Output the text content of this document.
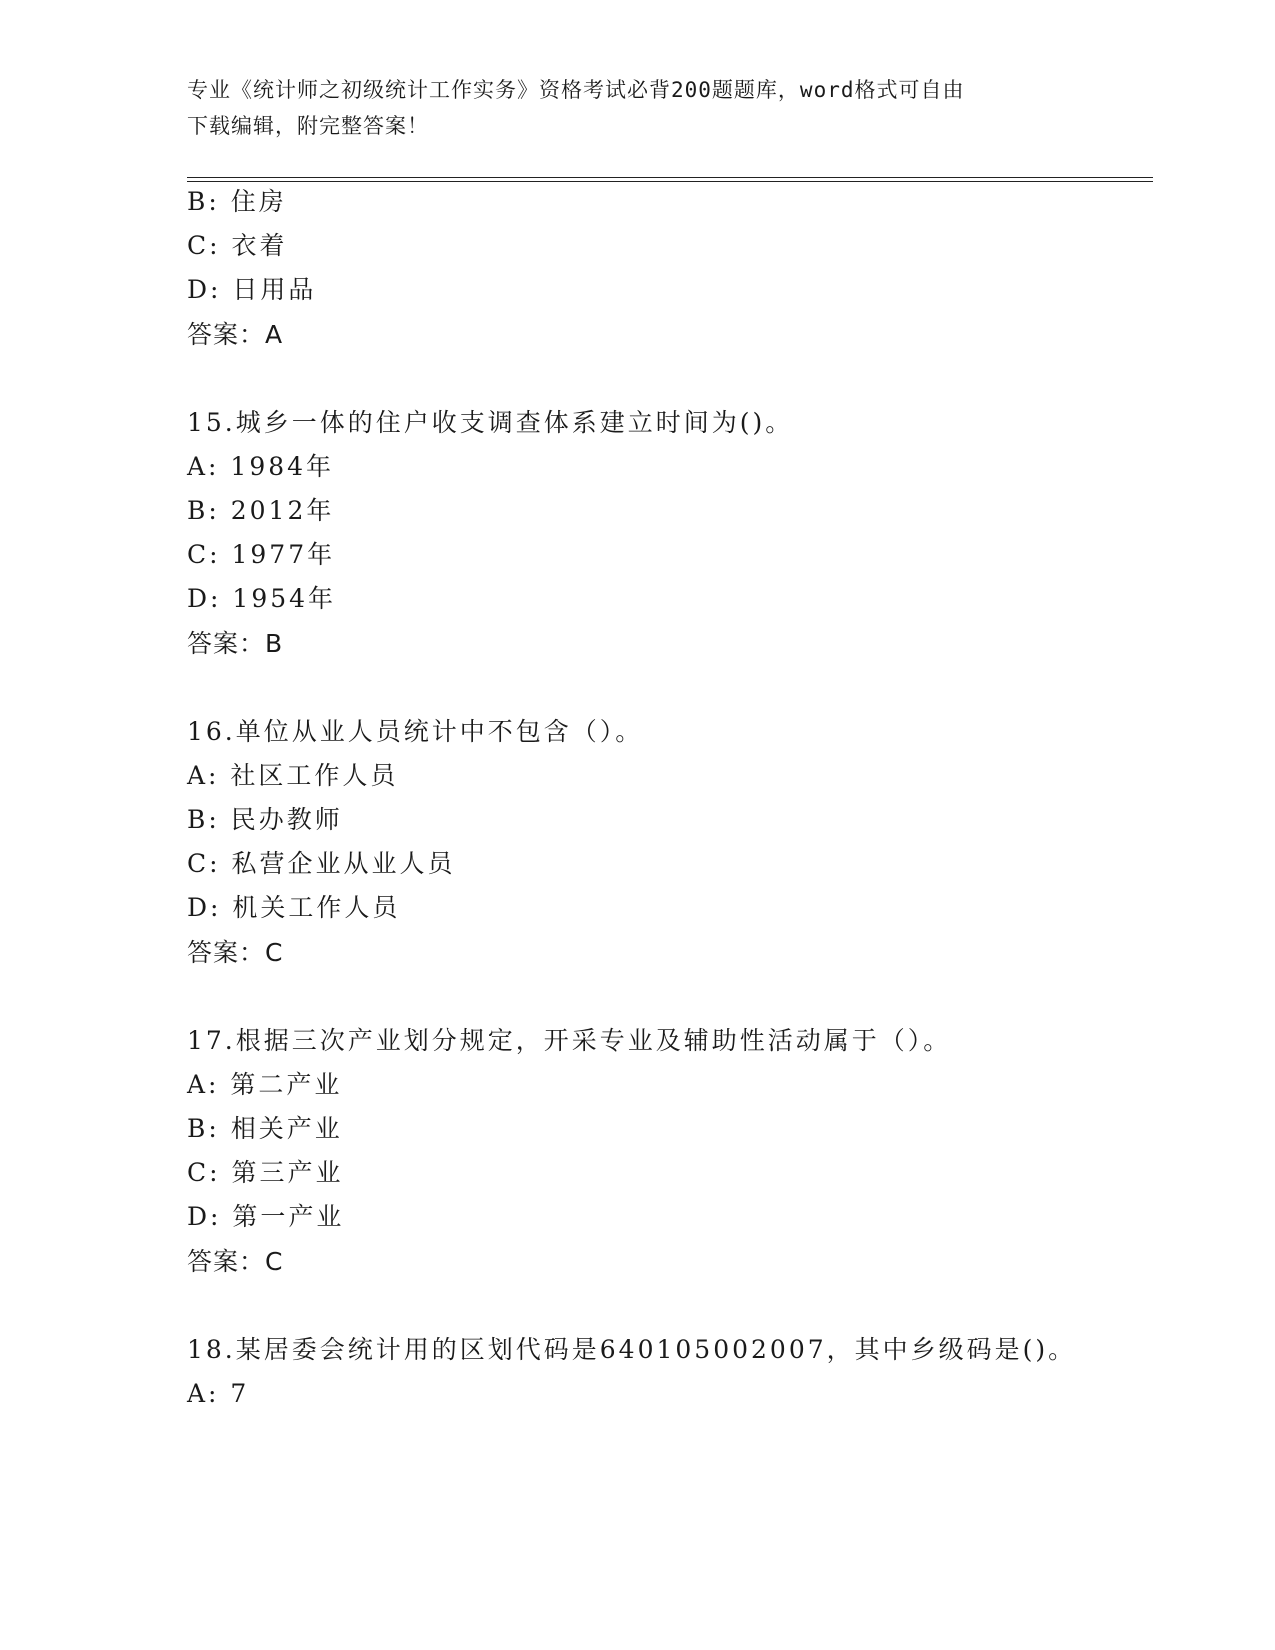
专业《统计师之初级统计工作实务》资格考试必背200题题库，word格式可自由
下载编辑，附完整答案！
B: 住房
C: 衣着
D: 日用品
答案：A
15.城乡一体的住户收支调查体系建立时间为()。
A: 1984年
B: 2012年
C: 1977年
D: 1954年
答案：B
16.单位从业人员统计中不包含（）。
A: 社区工作人员
B: 民办教师
C: 私营企业从业人员
D: 机关工作人员
答案：C
17.根据三次产业划分规定，开采专业及辅助性活动属于（）。
A: 第二产业
B: 相关产业
C: 第三产业
D: 第一产业
答案：C
18.某居委会统计用的区划代码是640105002007，其中乡级码是()。
A: 7
